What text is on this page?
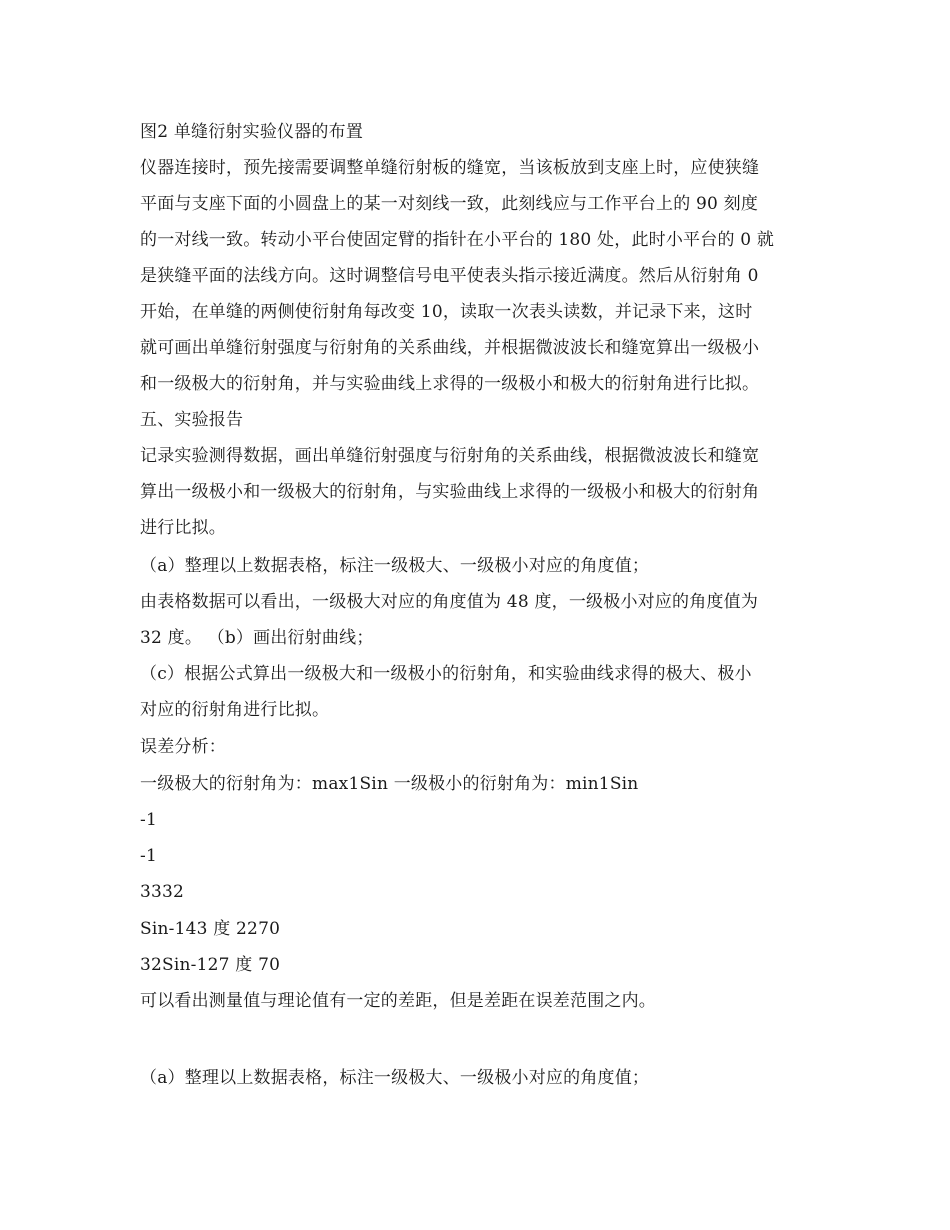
图2 单缝衍射实验仪器的布置
仪器连接时，预先接需要调整单缝衍射板的缝宽，当该板放到支座上时，应使狭缝
平面与支座下面的小圆盘上的某一对刻线一致，此刻线应与工作平台上的 90 刻度
的一对线一致。转动小平台使固定臂的指针在小平台的 180 处，此时小平台的 0 就
是狭缝平面的法线方向。这时调整信号电平使表头指示接近满度。然后从衍射角 0
开始，在单缝的两侧使衍射角每改变 10，读取一次表头读数，并记录下来，这时
就可画出单缝衍射强度与衍射角的关系曲线，并根据微波波长和缝宽算出一级极小
和一级极大的衍射角，并与实验曲线上求得的一级极小和极大的衍射角进行比拟。
五、实验报告
记录实验测得数据，画出单缝衍射强度与衍射角的关系曲线，根据微波波长和缝宽
算出一级极小和一级极大的衍射角，与实验曲线上求得的一级极小和极大的衍射角
进行比拟。
（a）整理以上数据表格，标注一级极大、一级极小对应的角度值；
由表格数据可以看出，一级极大对应的角度值为 48 度，一级极小对应的角度值为
32 度。 （b）画出衍射曲线；
（c）根据公式算出一级极大和一级极小的衍射角，和实验曲线求得的极大、极小
对应的衍射角进行比拟。
误差分析：
一级极大的衍射角为：max1Sin 一级极小的衍射角为：min1Sin
-1
-1
3332
Sin-143 度 2270
32Sin-127 度 70
可以看出测量值与理论值有一定的差距，但是差距在误差范围之内。
（a）整理以上数据表格，标注一级极大、一级极小对应的角度值；
